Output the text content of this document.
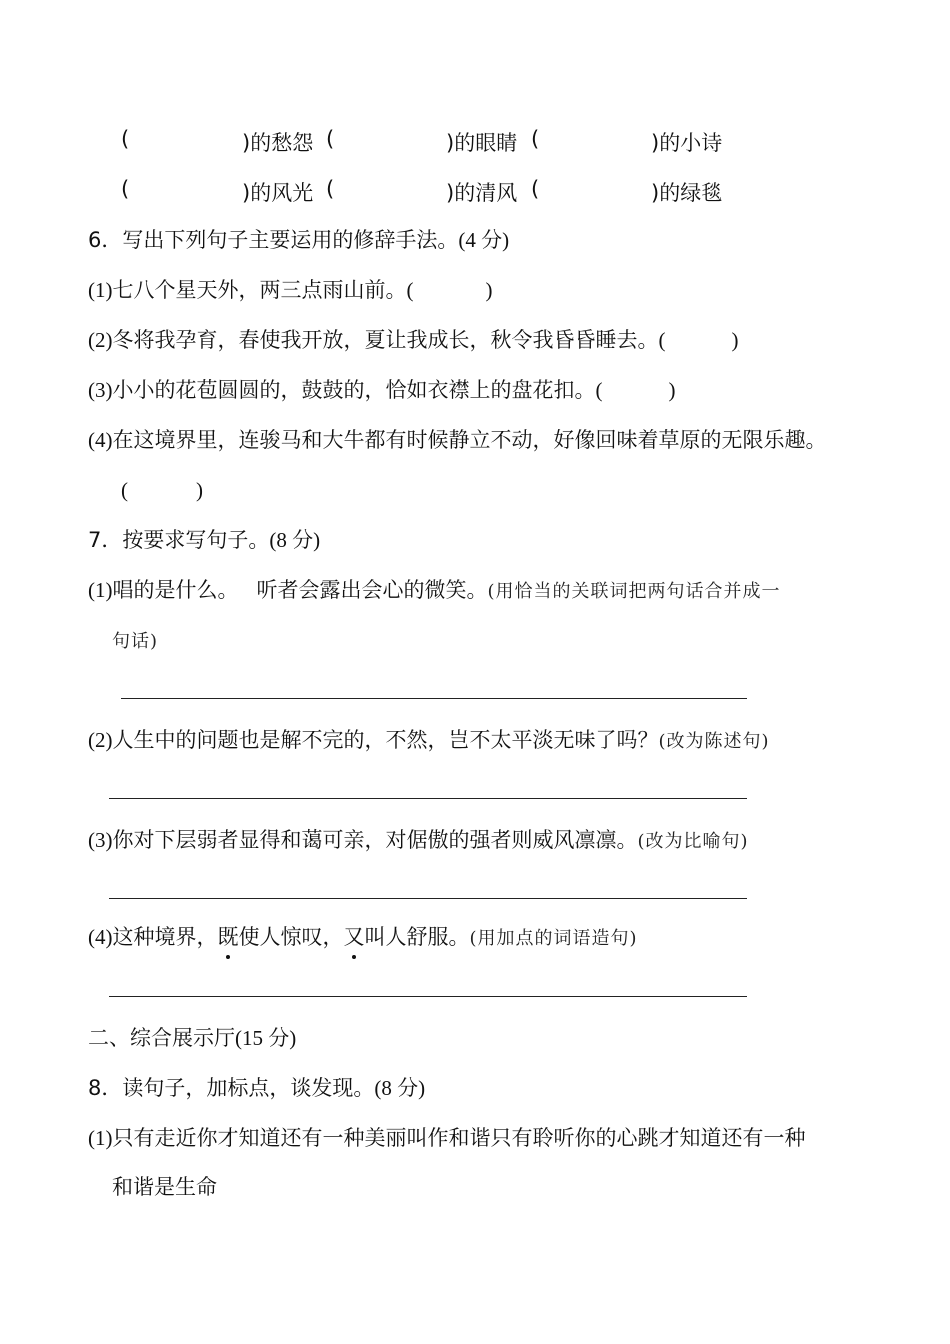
(	)的愁怨 (	)的眼睛 (	)的小诗
(	)的风光 (	)的清风 (	)的绿毯
6．写出下列句子主要运用的修辞手法。(4 分)
(1)七八个星天外，两三点雨山前。(	)
(2)冬将我孕育，春使我开放，夏让我成长，秋令我昏昏睡去。(	)
(3)小小的花苞圆圆的，鼓鼓的，恰如衣襟上的盘花扣。(	)
(4)在这境界里，连骏马和大牛都有时候静立不动，好像回味着草原的无限乐趣。
(	)
7．按要求写句子。(8 分)
(1)唱的是什么。 听者会露出会心的微笑。(用恰当的关联词把两句话合并成一
句话)
(2)人生中的问题也是解不完的，不然，岂不太平淡无味了吗？(改为陈述句)
(3)你对下层弱者显得和蔼可亲，对倨傲的强者则威风凛凛。(改为比喻句)
(4)这种境界，既使人惊叹，又叫人舒服。(用加点的词语造句)
二、综合展示厅(15 分)
8．读句子，加标点，谈发现。(8 分)
(1)只有走近你才知道还有一种美丽叫作和谐只有聆听你的心跳才知道还有一种
和谐是生命
